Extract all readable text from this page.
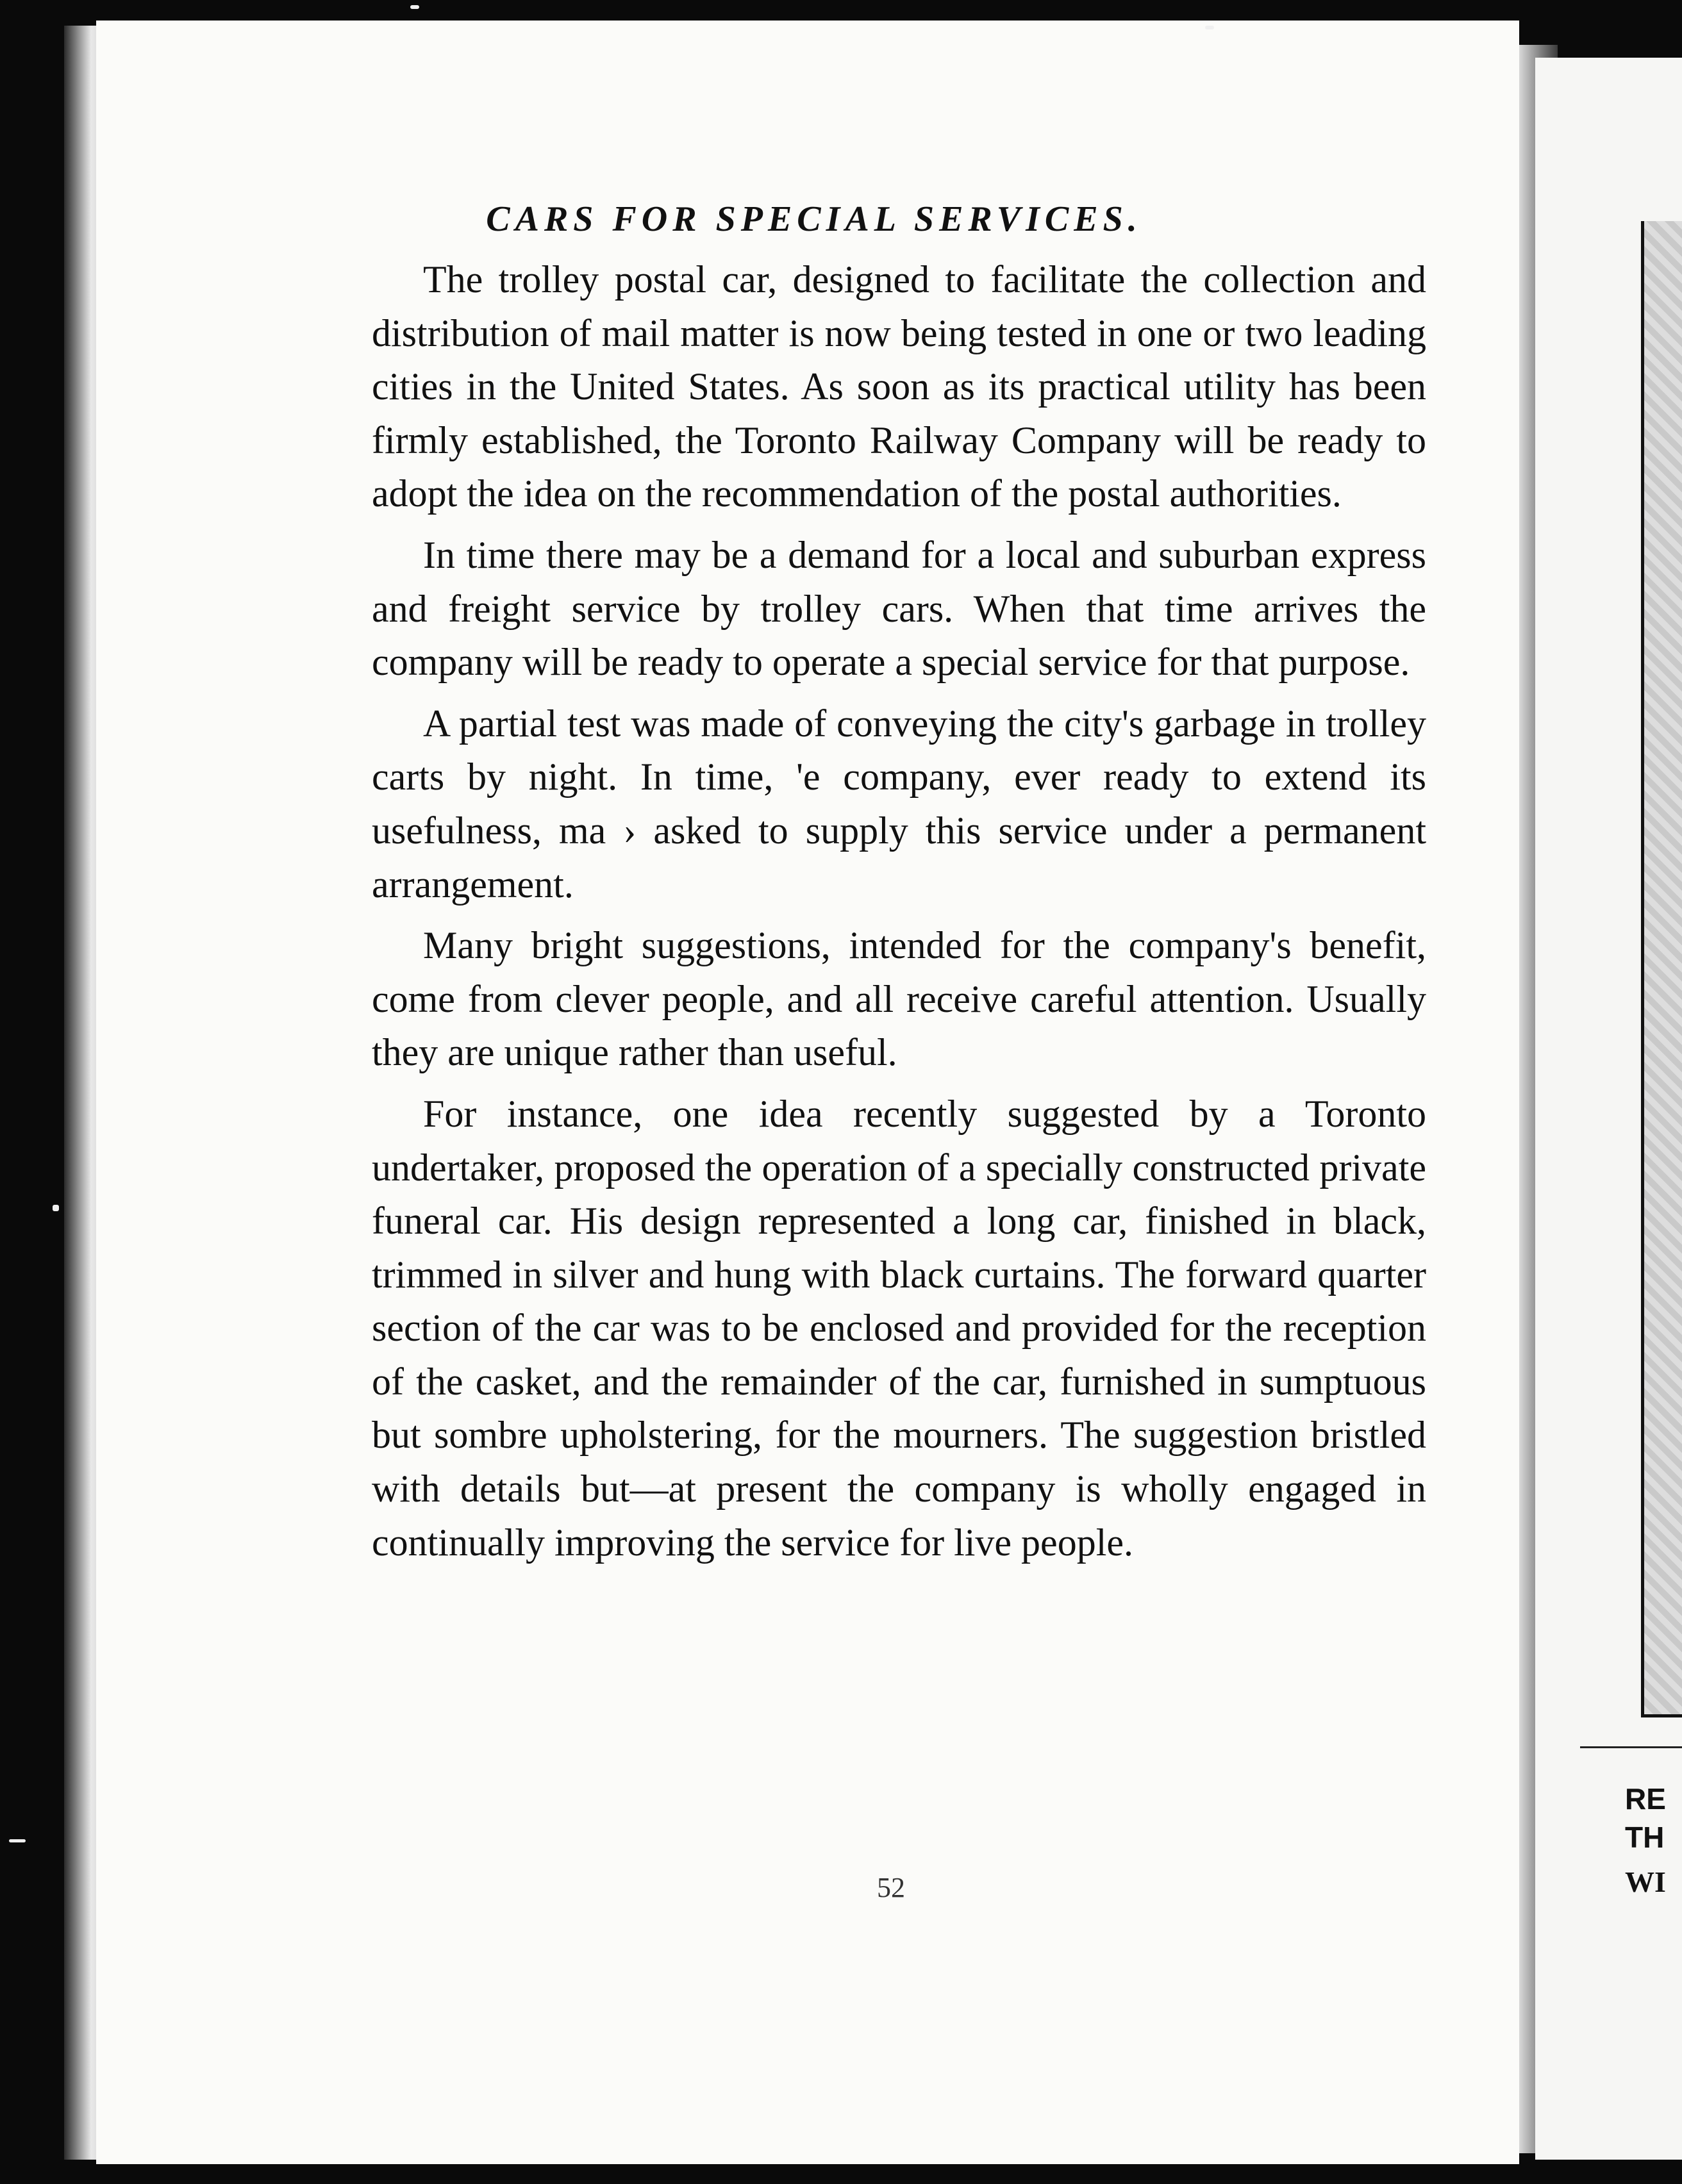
RE
TH
WI
CARS FOR SPECIAL SERVICES.

The trolley postal car, designed to facilitate the collection and distribution of mail matter is now being tested in one or two leading cities in the United States. As soon as its practical utility has been firmly established, the Toronto Railway Company will be ready to adopt the idea on the recommendation of the postal authorities.

In time there may be a demand for a local and suburban express and freight service by trolley cars. When that time arrives the company will be ready to operate a special service for that purpose.

A partial test was made of conveying the city's garbage in trolley carts by night. In time, 'e company, ever ready to extend its usefulness, ma › asked to supply this service under a permanent arrangement.

Many bright suggestions, intended for the company's benefit, come from clever people, and all receive careful attention. Usually they are unique rather than useful.

For instance, one idea recently suggested by a Toronto undertaker, proposed the operation of a specially constructed private funeral car. His design represented a long car, finished in black, trimmed in silver and hung with black curtains. The forward quarter section of the car was to be enclosed and provided for the reception of the casket, and the remainder of the car, furnished in sumptuous but sombre upholstering, for the mourners. The suggestion bristled with details but—at present the company is wholly engaged in continually improving the service for live people.

52
